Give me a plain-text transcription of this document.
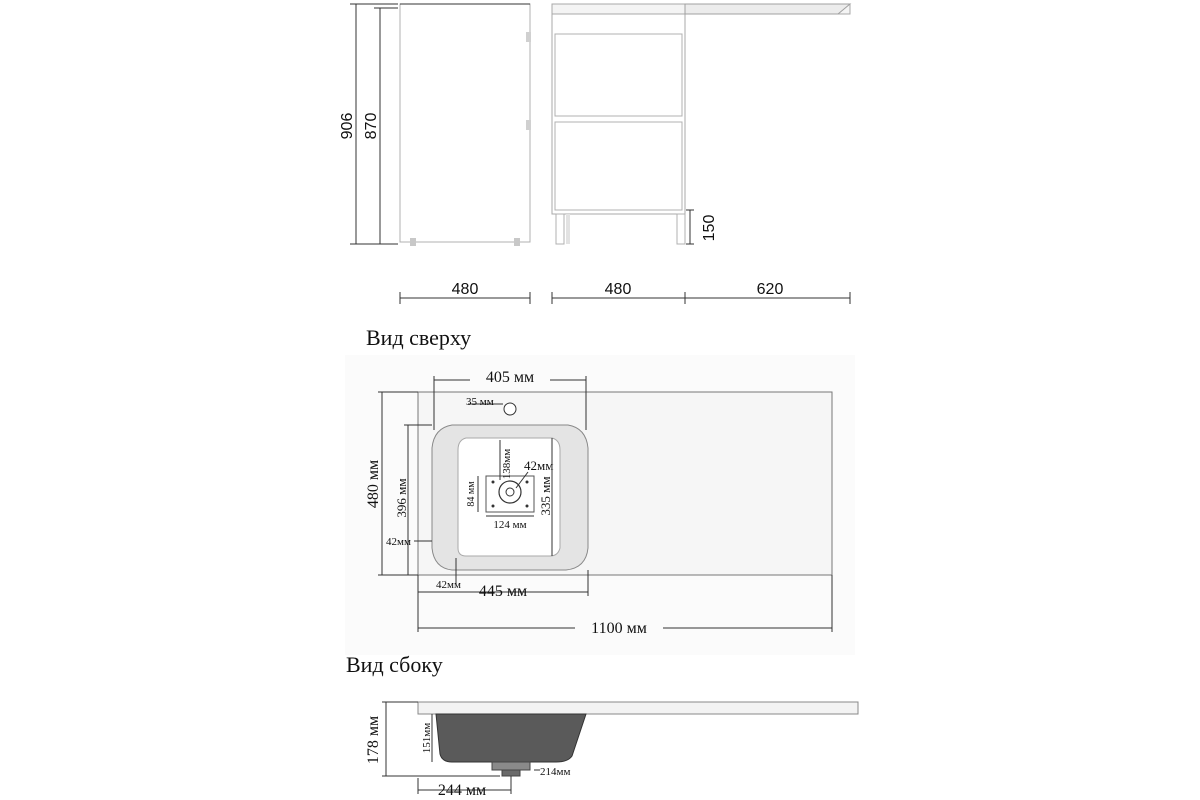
906 870
150
480	480	620
Вид сверху
405 мм
35 мм
480 мм 396 мм
138мм 42мм
335 мм
84 мм
124 мм
42мм
42мм 445 мм
1100 мм
Вид сбоку
178 мм	151мм
214мм
244 мм
